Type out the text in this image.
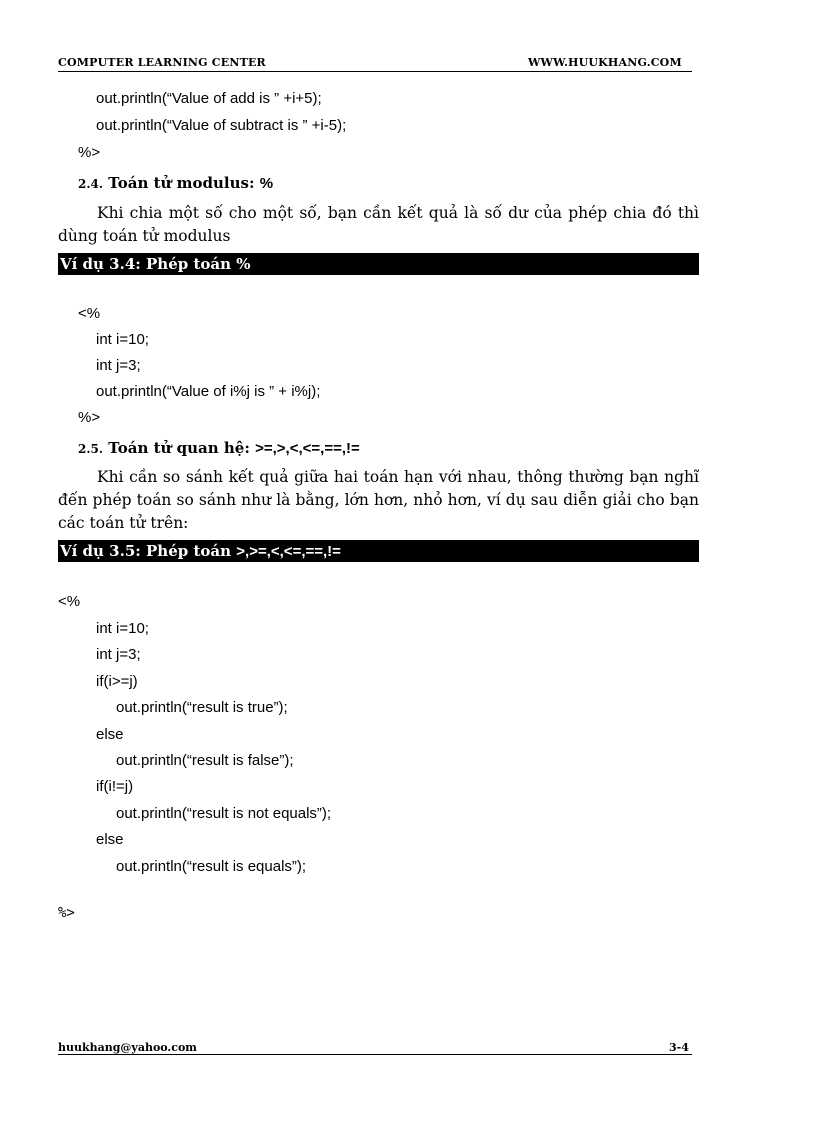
COMPUTER LEARNING CENTER	WWW.HUUKHANG.COM
out.println(“Value of add is ” +i+5);
out.println(“Value of subtract is ” +i-5);
%>
2.4. Toán tử modulus: %
Khi chia một số cho một số, bạn cần kết quả là số dư của phép chia đó thì dùng toán tử modulus
Ví dụ 3.4: Phép toán %
<%
int i=10;
int j=3;
out.println(“Value of i%j is ” + i%j);
%>
2.5. Toán tử quan hệ: >=,>,<,<=,==,!=
Khi cần so sánh kết quả giữa hai toán hạn với nhau, thông thường bạn nghĩ đến phép toán so sánh như là bằng, lớn hơn, nhỏ hơn, ví dụ sau diễn giải cho bạn các toán tử trên:
Ví dụ 3.5: Phép toán >,>=,<,<=,==,!=
<%
int i=10;
int j=3;
if(i>=j)
out.println(“result is true”);
else
out.println(“result is false”);
if(i!=j)
out.println(“result is not equals”);
else
out.println(“result is equals”);
%>
huukhang@yahoo.com	3-4
